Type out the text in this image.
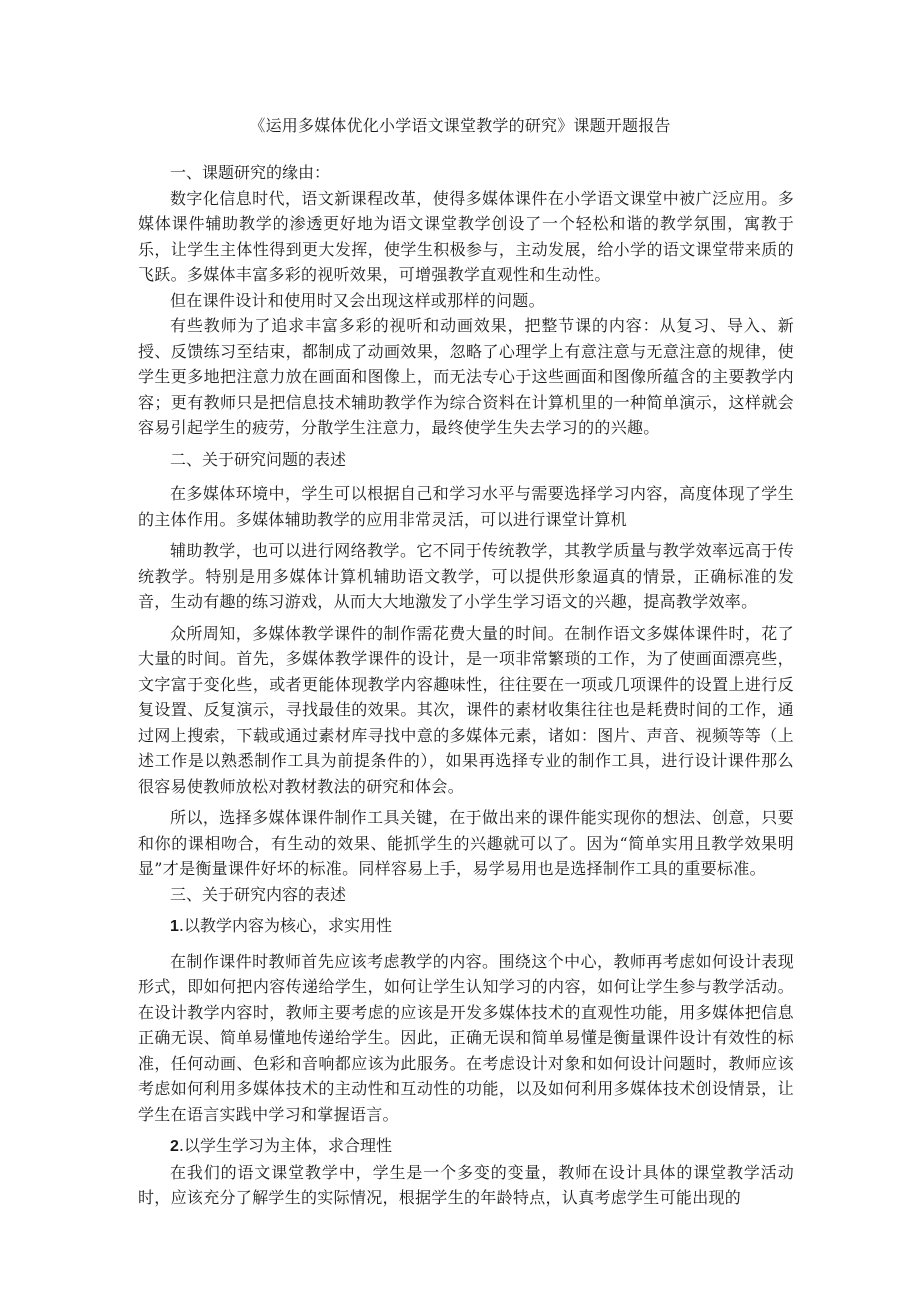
《运用多媒体优化小学语文课堂教学的研究》课题开题报告

一、课题研究的缘由：

数字化信息时代，语文新课程改革，使得多媒体课件在小学语文课堂中被广泛应用。多媒体课件辅助教学的渗透更好地为语文课堂教学创设了一个轻松和谐的教学氛围，寓教于乐，让学生主体性得到更大发挥，使学生积极参与，主动发展，给小学的语文课堂带来质的飞跃。多媒体丰富多彩的视听效果，可增强教学直观性和生动性。

但在课件设计和使用时又会出现这样或那样的问题。

有些教师为了追求丰富多彩的视听和动画效果，把整节课的内容：从复习、导入、新授、反馈练习至结束，都制成了动画效果，忽略了心理学上有意注意与无意注意的规律，使学生更多地把注意力放在画面和图像上，而无法专心于这些画面和图像所蕴含的主要教学内容；更有教师只是把信息技术辅助教学作为综合资料在计算机里的一种简单演示，这样就会容易引起学生的疲劳，分散学生注意力，最终使学生失去学习的的兴趣。

二、关于研究问题的表述

在多媒体环境中，学生可以根据自己和学习水平与需要选择学习内容，高度体现了学生的主体作用。多媒体辅助教学的应用非常灵活，可以进行课堂计算机

辅助教学，也可以进行网络教学。它不同于传统教学，其教学质量与教学效率远高于传统教学。特别是用多媒体计算机辅助语文教学，可以提供形象逼真的情景，正确标准的发音，生动有趣的练习游戏，从而大大地激发了小学生学习语文的兴趣，提高教学效率。

众所周知，多媒体教学课件的制作需花费大量的时间。在制作语文多媒体课件时，花了大量的时间。首先，多媒体教学课件的设计，是一项非常繁琐的工作，为了使画面漂亮些，文字富于变化些，或者更能体现教学内容趣味性，往往要在一项或几项课件的设置上进行反复设置、反复演示，寻找最佳的效果。其次，课件的素材收集往往也是耗费时间的工作，通过网上搜索，下载或通过素材库寻找中意的多媒体元素，诸如：图片、声音、视频等等（上述工作是以熟悉制作工具为前提条件的），如果再选择专业的制作工具，进行设计课件那么很容易使教师放松对教材教法的研究和体会。

所以，选择多媒体课件制作工具关键，在于做出来的课件能实现你的想法、创意，只要和你的课相吻合，有生动的效果、能抓学生的兴趣就可以了。因为“简单实用且教学效果明显”才是衡量课件好坏的标准。同样容易上手，易学易用也是选择制作工具的重要标准。

三、关于研究内容的表述

1.以教学内容为核心，求实用性

在制作课件时教师首先应该考虑教学的内容。围绕这个中心，教师再考虑如何设计表现形式，即如何把内容传递给学生，如何让学生认知学习的内容，如何让学生参与教学活动。在设计教学内容时，教师主要考虑的应该是开发多媒体技术的直观性功能，用多媒体把信息正确无误、简单易懂地传递给学生。因此，正确无误和简单易懂是衡量课件设计有效性的标准，任何动画、色彩和音响都应该为此服务。在考虑设计对象和如何设计问题时，教师应该考虑如何利用多媒体技术的主动性和互动性的功能，以及如何利用多媒体技术创设情景，让学生在语言实践中学习和掌握语言。

2.以学生学习为主体，求合理性

在我们的语文课堂教学中，学生是一个多变的变量，教师在设计具体的课堂教学活动时，应该充分了解学生的实际情况，根据学生的年龄特点，认真考虑学生可能出现的
